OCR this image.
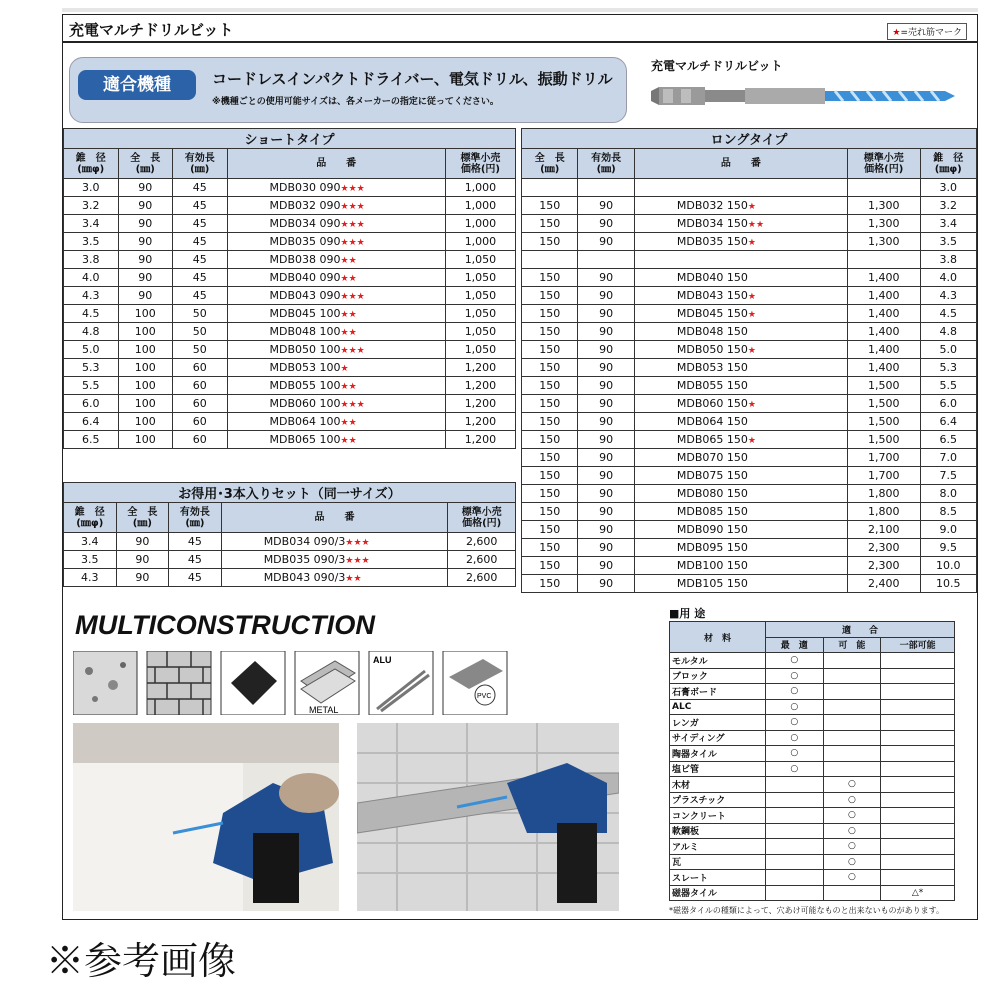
充電マルチドリルビット	★=売れ筋マーク
適合機種	コードレスインパクトドライバー、電気ドリル、振動ドリル
※機種ごとの使用可能サイズは、各メーカーの指定に従ってください。
充電マルチドリルビット
ショートタイプ				
錐　径
(㎜φ)	全　長
(㎜)	有効長
(㎜)	品　　番	標準小売
価格(円)
3.0	90	45	MDB030 090★★★	1,000
3.2	90	45	MDB032 090★★★	1,000
3.4	90	45	MDB034 090★★★	1,000
3.5	90	45	MDB035 090★★★	1,000
3.8	90	45	MDB038 090★★	1,050
4.0	90	45	MDB040 090★★	1,050
4.3	90	45	MDB043 090★★★	1,050
4.5	100	50	MDB045 100★★	1,050
4.8	100	50	MDB048 100★★	1,050
5.0	100	50	MDB050 100★★★	1,050
5.3	100	60	MDB053 100★	1,200
5.5	100	60	MDB055 100★★	1,200
6.0	100	60	MDB060 100★★★	1,200
6.4	100	60	MDB064 100★★	1,200
6.5	100	60	MDB065 100★★	1,200
ロングタイプ				
全　長
(㎜)	有効長
(㎜)	品　　番	標準小売
価格(円)	錐　径
(㎜φ)
				3.0
150	90	MDB032 150★	1,300	3.2
150	90	MDB034 150★★	1,300	3.4
150	90	MDB035 150★	1,300	3.5
				3.8
150	90	MDB040 150	1,400	4.0
150	90	MDB043 150★	1,400	4.3
150	90	MDB045 150★	1,400	4.5
150	90	MDB048 150	1,400	4.8
150	90	MDB050 150★	1,400	5.0
150	90	MDB053 150	1,400	5.3
150	90	MDB055 150	1,500	5.5
150	90	MDB060 150★	1,500	6.0
150	90	MDB064 150	1,500	6.4
150	90	MDB065 150★	1,500	6.5
150	90	MDB070 150	1,700	7.0
150	90	MDB075 150	1,700	7.5
150	90	MDB080 150	1,800	8.0
150	90	MDB085 150	1,800	8.5
150	90	MDB090 150	2,100	9.0
150	90	MDB095 150	2,300	9.5
150	90	MDB100 150	2,300	10.0
150	90	MDB105 150	2,400	10.5
お得用･3本入りセット（同一サイズ）				
錐　径
(㎜φ)	全　長
(㎜)	有効長
(㎜)	品　　番	標準小売
価格(円)
3.4	90	45	MDB034 090/3★★★	2,600
3.5	90	45	MDB035 090/3★★★	2,600
4.3	90	45	MDB043 090/3★★	2,600
MULTICONSTRUCTION
METAL
ALU
PVC
■用 途
材　料	適　　合		
	最　適	可　能	一部可能
モルタル	○		
ブロック	○		
石膏ボード	○		
ALC	○		
レンガ	○		
サイディング	○		
陶器タイル	○		
塩ビ管	○		
木材		○	
プラスチック		○	
コンクリート		○	
軟鋼板		○	
アルミ		○	
瓦		○	
スレート		○	
磁器タイル			△*
*磁器タイルの種類によって、穴あけ可能なものと出来ないものがあります。
※参考画像
